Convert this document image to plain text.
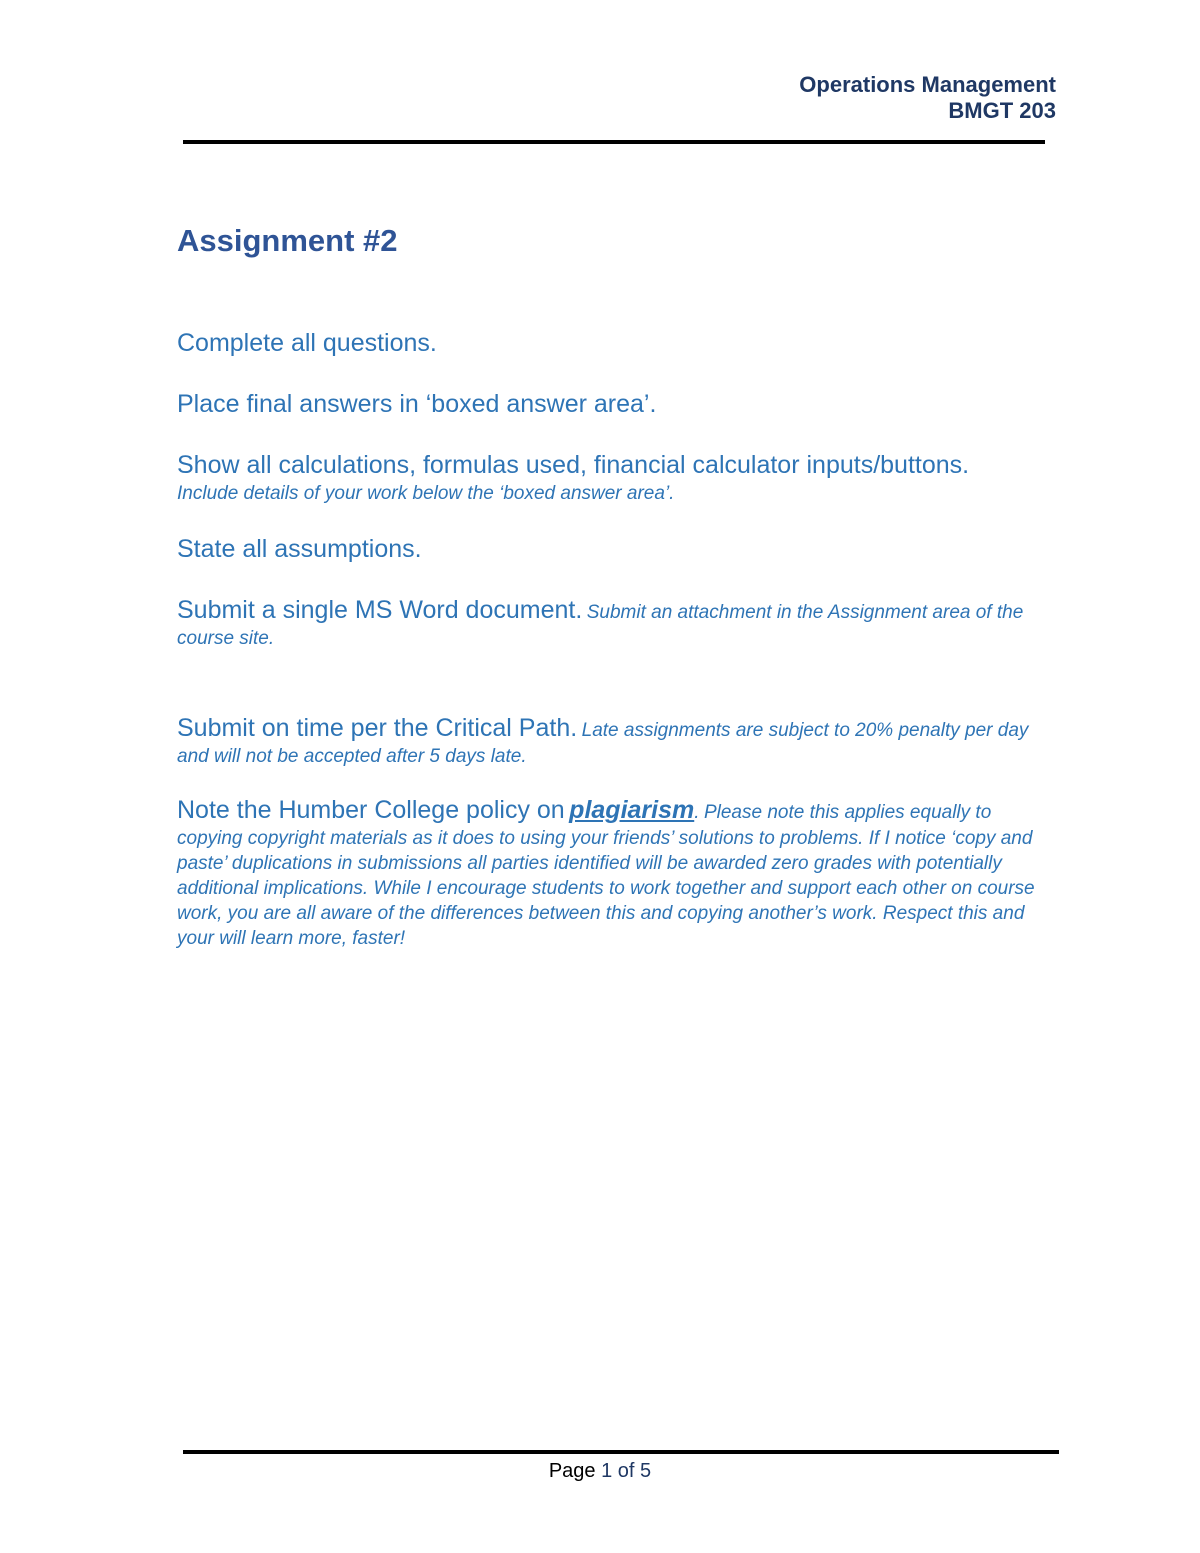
Operations Management
BMGT 203
Assignment #2

Complete all questions.

Place final answers in ‘boxed answer area’.

Show all calculations, formulas used, financial calculator inputs/buttons.
Include details of your work below the ‘boxed answer area’.

State all assumptions.

Submit a single MS Word document. Submit an attachment in the Assignment area of the course site.

Submit on time per the Critical Path. Late assignments are subject to 20% penalty per day and will not be accepted after 5 days late.

Note the Humber College policy on plagiarism. Please note this applies equally to copying copyright materials as it does to using your friends’ solutions to problems. If I notice ‘copy and paste’ duplications in submissions all parties identified will be awarded zero grades with potentially additional implications. While I encourage students to work together and support each other on course work, you are all aware of the differences between this and copying another’s work. Respect this and your will learn more, faster!

Page 1 of 5
